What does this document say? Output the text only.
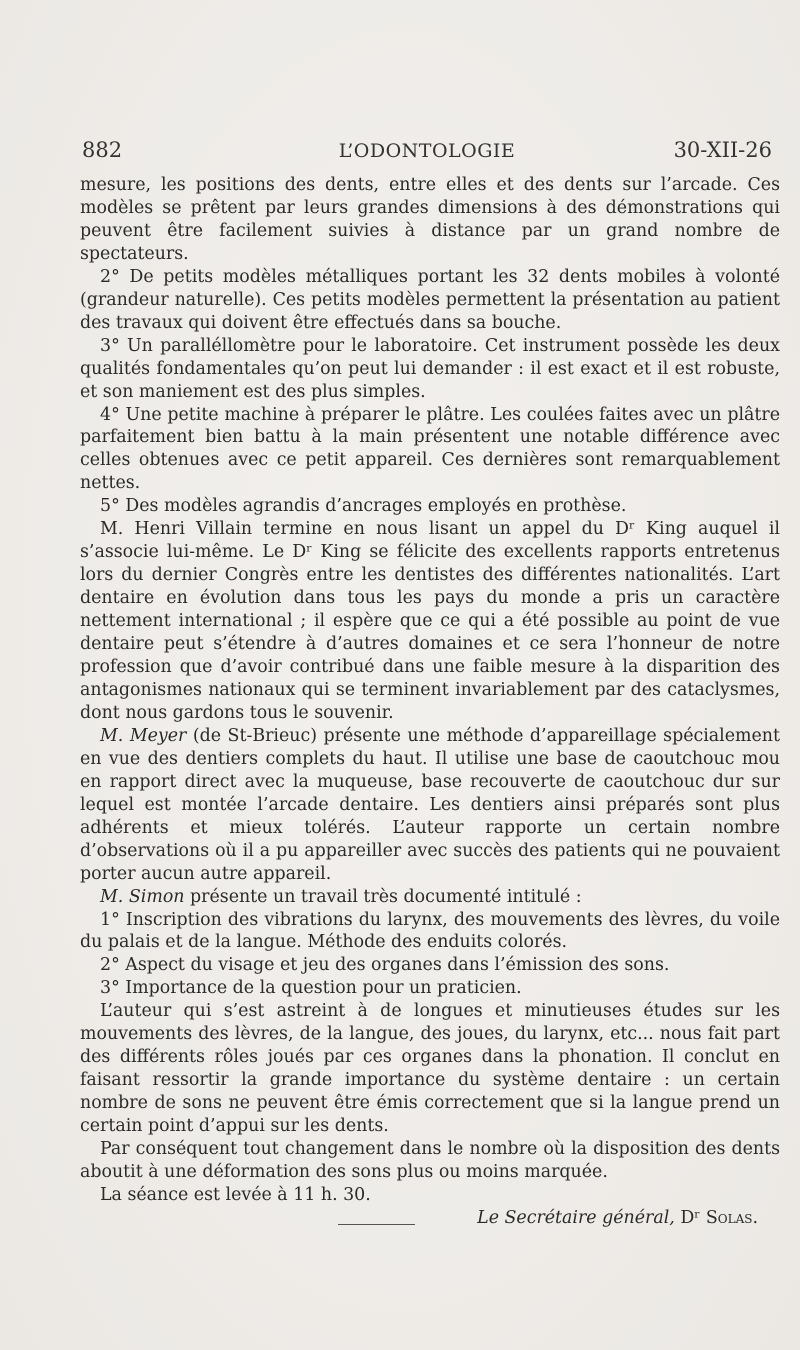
882	L’ODONTOLOGIE	30-XII-26

mesure, les positions des dents, entre elles et des dents sur l’arcade. Ces modèles se prêtent par leurs grandes dimensions à des démonstrations qui peuvent être facilement suivies à distance par un grand nombre de spectateurs.

2° De petits modèles métalliques portant les 32 dents mobiles à volonté (grandeur naturelle). Ces petits modèles permettent la présentation au patient des travaux qui doivent être effectués dans sa bouche.

3° Un paralléllomètre pour le laboratoire. Cet instrument possède les deux qualités fondamentales qu’on peut lui demander : il est exact et il est robuste, et son maniement est des plus simples.

4° Une petite machine à préparer le plâtre. Les coulées faites avec un plâtre parfaitement bien battu à la main présentent une notable différence avec celles obtenues avec ce petit appareil. Ces dernières sont remarquablement nettes.

5° Des modèles agrandis d’ancrages employés en prothèse.

M. Henri Villain termine en nous lisant un appel du Dʳ King auquel il s’associe lui-même. Le Dʳ King se félicite des excellents rapports entretenus lors du dernier Congrès entre les dentistes des différentes nationalités. L’art dentaire en évolution dans tous les pays du monde a pris un caractère nettement international ; il espère que ce qui a été possible au point de vue dentaire peut s’étendre à d’autres domaines et ce sera l’honneur de notre profession que d’avoir contribué dans une faible mesure à la disparition des antagonismes nationaux qui se terminent invariablement par des cataclysmes, dont nous gardons tous le souvenir.

M. Meyer (de St-Brieuc) présente une méthode d’appareillage spécialement en vue des dentiers complets du haut. Il utilise une base de caoutchouc mou en rapport direct avec la muqueuse, base recouverte de caoutchouc dur sur lequel est montée l’arcade dentaire. Les dentiers ainsi préparés sont plus adhérents et mieux tolérés. L’auteur rapporte un certain nombre d’observations où il a pu appareiller avec succès des patients qui ne pouvaient porter aucun autre appareil.

M. Simon présente un travail très documenté intitulé :

1° Inscription des vibrations du larynx, des mouvements des lèvres, du voile du palais et de la langue. Méthode des enduits colorés.

2° Aspect du visage et jeu des organes dans l’émission des sons.

3° Importance de la question pour un praticien.

L’auteur qui s’est astreint à de longues et minutieuses études sur les mouvements des lèvres, de la langue, des joues, du larynx, etc... nous fait part des différents rôles joués par ces organes dans la phonation. Il conclut en faisant ressortir la grande importance du système dentaire : un certain nombre de sons ne peuvent être émis correctement que si la langue prend un certain point d’appui sur les dents.

Par conséquent tout changement dans le nombre où la disposition des dents aboutit à une déformation des sons plus ou moins marquée.

La séance est levée à 11 h. 30.

Le Secrétaire général, Dʳ Solas.
